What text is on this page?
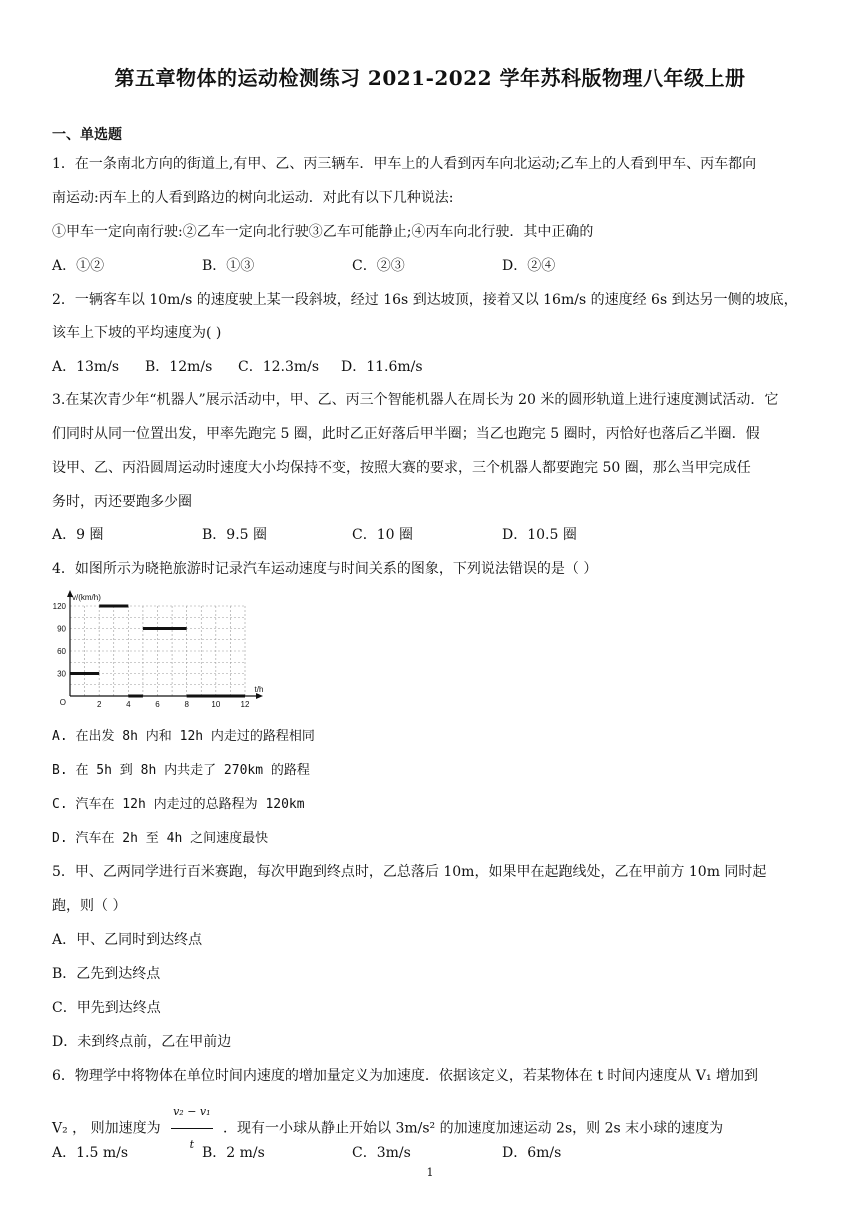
第五章物体的运动检测练习 2021-2022 学年苏科版物理八年级上册
一、单选题
1．在一条南北方向的街道上,有甲、乙、丙三辆车．甲车上的人看到丙车向北运动;乙车上的人看到甲车、丙车都向
南运动:丙车上的人看到路边的树向北运动．对此有以下几种说法:
①甲车一定向南行驶:②乙车一定向北行驶③乙车可能静止;④丙车向北行驶．其中正确的
A．①②	B．①③	C．②③	D．②④
2．一辆客车以 10m/s 的速度驶上某一段斜坡，经过 16s 到达坡顶，接着又以 16m/s 的速度经 6s 到达另一侧的坡底，
该车上下坡的平均速度为( )
A．13m/s B．12m/s C．12.3m/s D．11.6m/s
3.在某次青少年“机器人”展示活动中，甲、乙、丙三个智能机器人在周长为 20 米的圆形轨道上进行速度测试活动．它
们同时从同一位置出发，甲率先跑完 5 圈，此时乙正好落后甲半圈；当乙也跑完 5 圈时，丙恰好也落后乙半圈．假
设甲、乙、丙沿圆周运动时速度大小均保持不变，按照大赛的要求，三个机器人都要跑完 50 圈，那么当甲完成任
务时，丙还要跑多少圈
A．9 圈	B．9.5 圈	C．10 圈	D．10.5 圈
4．如图所示为晓艳旅游时记录汽车运动速度与时间关系的图象，下列说法错误的是（ ）
2	4	6	8	10	12
30
60
90
120
O
v/(km/h)
t/h
A. 在出发 8h 内和 12h 内走过的路程相同
B. 在 5h 到 8h 内共走了 270km 的路程
C. 汽车在 12h 内走过的总路程为 120km
D. 汽车在 2h 至 4h 之间速度最快
5．甲、乙两同学进行百米赛跑，每次甲跑到终点时，乙总落后 10m，如果甲在起跑线处，乙在甲前方 10m 同时起
跑，则（ ）
A．甲、乙同时到达终点
B．乙先到达终点
C．甲先到达终点
D．未到终点前，乙在甲前边
6．物理学中将物体在单位时间内速度的增加量定义为加速度．依据该定义，若某物体在 t 时间内速度从 V₁ 增加到
V₂ ， 则加速度为 $\frac{\text{v₂ − v₁}}{t}$ ．现有一小球从静止开始以 3m/s² 的加速度加速运动 2s，则 2s 末小球的速度为
A．1.5 m/s	B．2 m/s	C．3m/s	D．6m/s
1
